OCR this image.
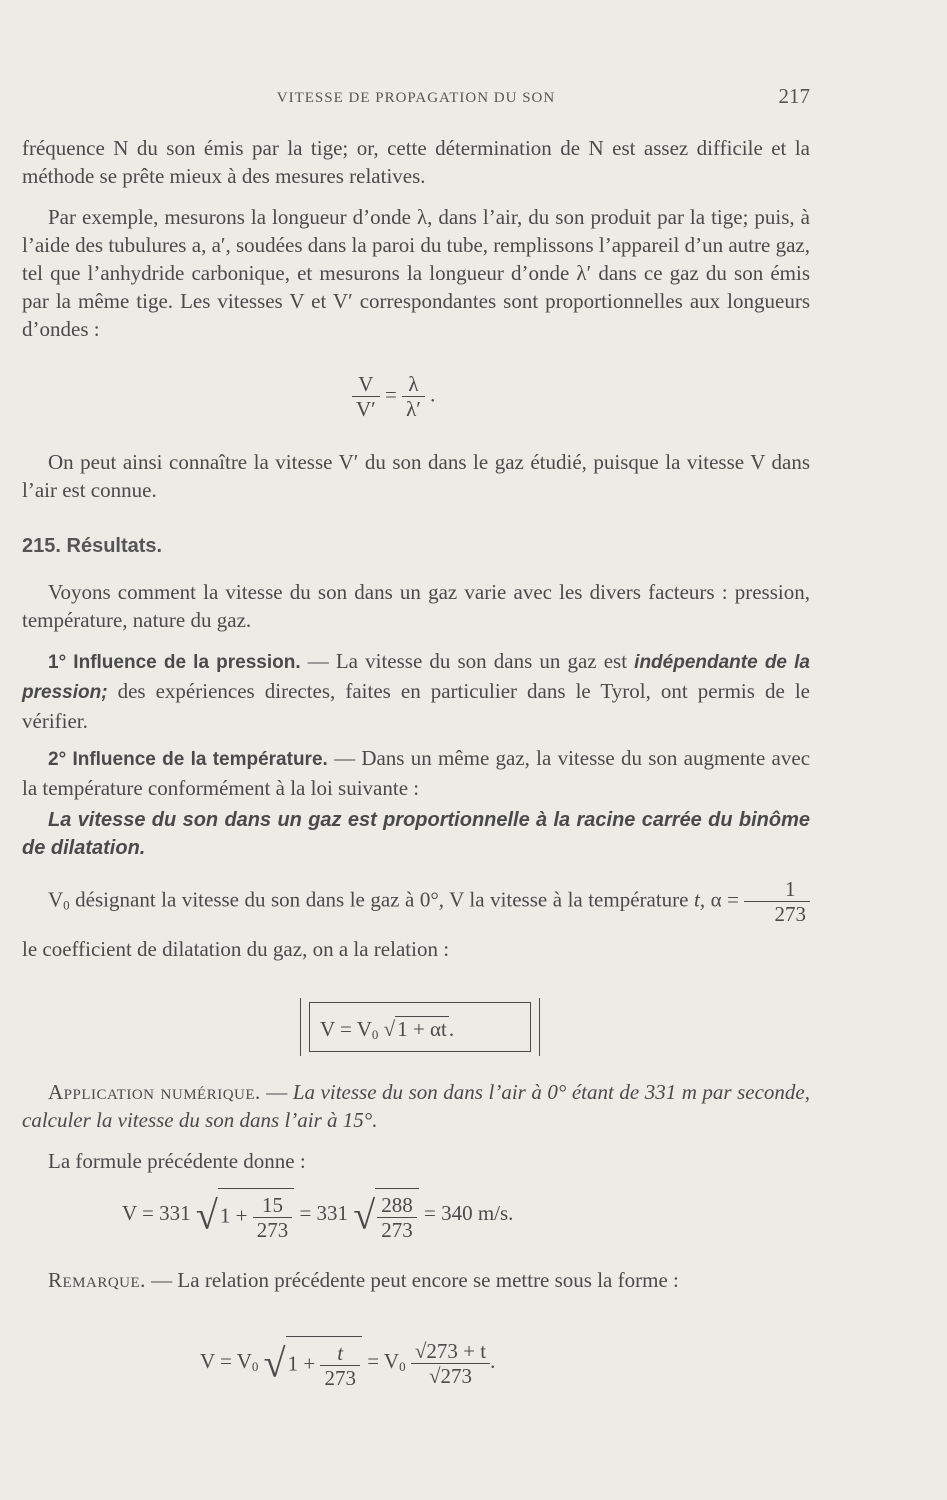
VITESSE DE PROPAGATION DU SON	217

fréquence N du son émis par la tige; or, cette détermination de N est assez difficile et la méthode se prête mieux à des mesures relatives.

Par exemple, mesurons la longueur d’onde λ, dans l’air, du son produit par la tige; puis, à l’aide des tubulures a, a′, soudées dans la paroi du tube, remplissons l’appareil d’un autre gaz, tel que l’anhydride carbonique, et mesurons la longueur d’onde λ′ dans ce gaz du son émis par la même tige. Les vitesses V et V′ correspondantes sont proportionnelles aux longueurs d’ondes :

$\frac{V}{V'} = \frac{\lambda}{\lambda'}$ .

On peut ainsi connaître la vitesse V′ du son dans le gaz étudié, puisque la vitesse V dans l’air est connue.

215. Résultats.

Voyons comment la vitesse du son dans un gaz varie avec les divers facteurs : pression, température, nature du gaz.

1° Influence de la pression. — La vitesse du son dans un gaz est indépendante de la pression; des expériences directes, faites en particulier dans le Tyrol, ont permis de le vérifier.

2° Influence de la température. — Dans un même gaz, la vitesse du son augmente avec la température conformément à la loi suivante :

La vitesse du son dans un gaz est proportionnelle à la racine carrée du binôme de dilatation.

$V_0$ désignant la vitesse du son dans le gaz à 0°, V la vitesse à la température t, $\alpha = \frac{1}{273}$
le coefficient de dilatation du gaz, on a la relation :

$V = V_0$ √1 + αt.

Application numérique. — La vitesse du son dans l’air à 0° étant de 331 m par seconde, calculer la vitesse du son dans l’air à 15°.

La formule précédente donne :

V = 331 $√1 + \frac{15}{273} = 331$ √ $\frac{288}{273} = 340$ m/s.

Remarque. — La relation précédente peut encore se mettre sous la forme :

$V = V_0$ $√1 + \frac{t}{273} = V_0 \frac{√273 + t}{√273}$ .
